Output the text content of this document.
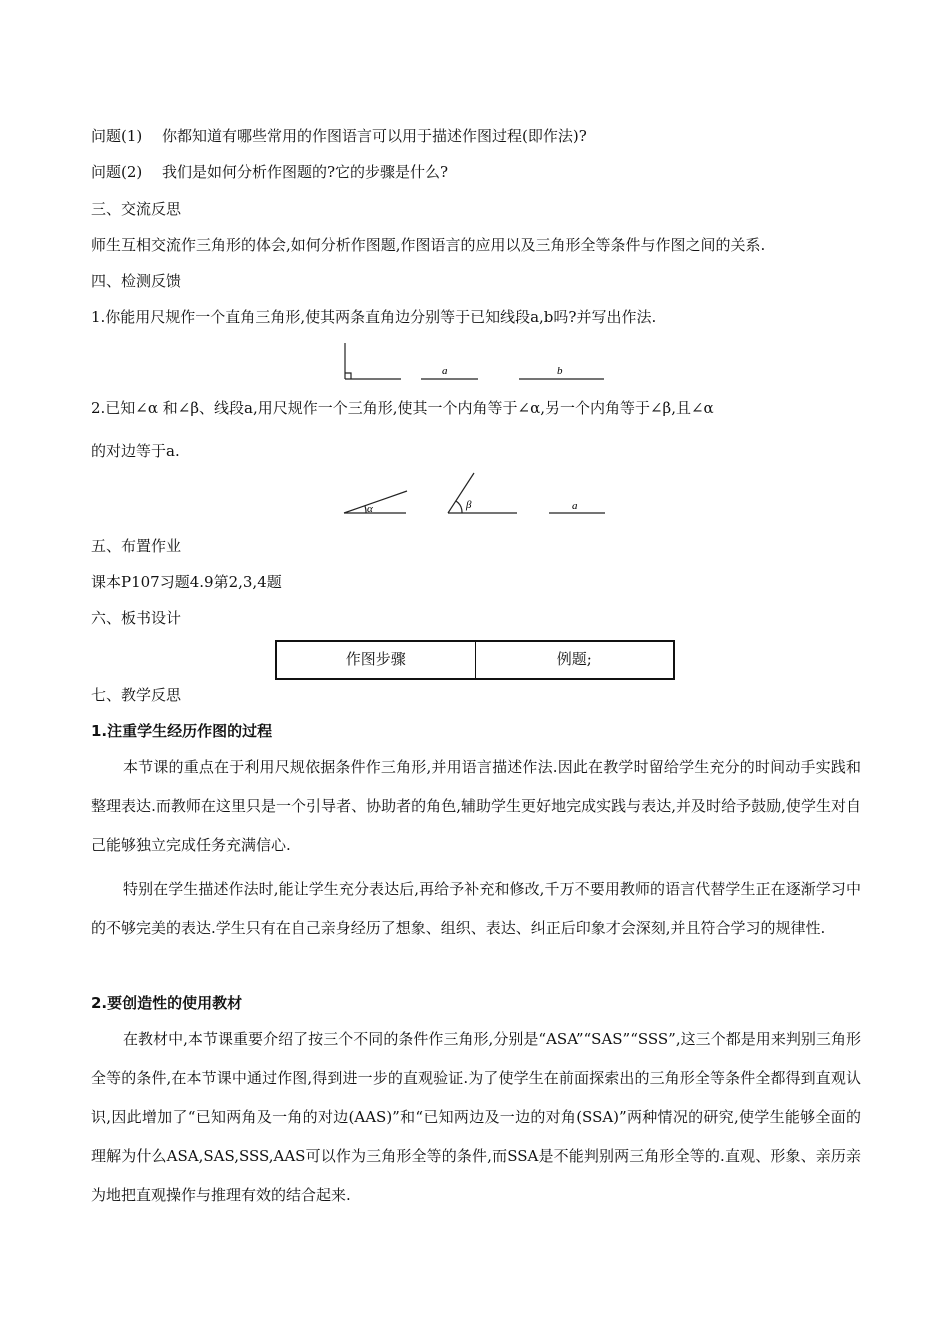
问题(1)　 你都知道有哪些常用的作图语言可以用于描述作图过程(即作法)?
问题(2)　 我们是如何分析作图题的?它的步骤是什么?
三、交流反思
师生互相交流作三角形的体会,如何分析作图题,作图语言的应用以及三角形全等条件与作图之间的关系.
四、检测反馈
1.你能用尺规作一个直角三角形,使其两条直角边分别等于已知线段a,b吗?并写出作法.
a	b
α	β	a
2.已知∠α 和∠β、线段a,用尺规作一个三角形,使其一个内角等于∠α,另一个内角等于∠β,且∠α
的对边等于a.
五、布置作业
课本P107习题4.9第2,3,4题
六、板书设计
作图步骤	例题;
七、教学反思
1.注重学生经历作图的过程
本节课的重点在于利用尺规依据条件作三角形,并用语言描述作法.因此在教学时留给学生充分的时间动手实践和整理表达.而教师在这里只是一个引导者、协助者的角色,辅助学生更好地完成实践与表达,并及时给予鼓励,使学生对自己能够独立完成任务充满信心.
特别在学生描述作法时,能让学生充分表达后,再给予补充和修改,千万不要用教师的语言代替学生正在逐渐学习中的不够完美的表达.学生只有在自己亲身经历了想象、组织、表达、纠正后印象才会深刻,并且符合学习的规律性.
2.要创造性的使用教材
在教材中,本节课重要介绍了按三个不同的条件作三角形,分别是“ASA”“SAS”“SSS”,这三个都是用来判别三角形全等的条件,在本节课中通过作图,得到进一步的直观验证.为了使学生在前面探索出的三角形全等条件全都得到直观认识,因此增加了“已知两角及一角的对边(AAS)”和“已知两边及一边的对角(SSA)”两种情况的研究,使学生能够全面的理解为什么ASA,SAS,SSS,AAS可以作为三角形全等的条件,而SSA是不能判别两三角形全等的.直观、形象、亲历亲为地把直观操作与推理有效的结合起来.
